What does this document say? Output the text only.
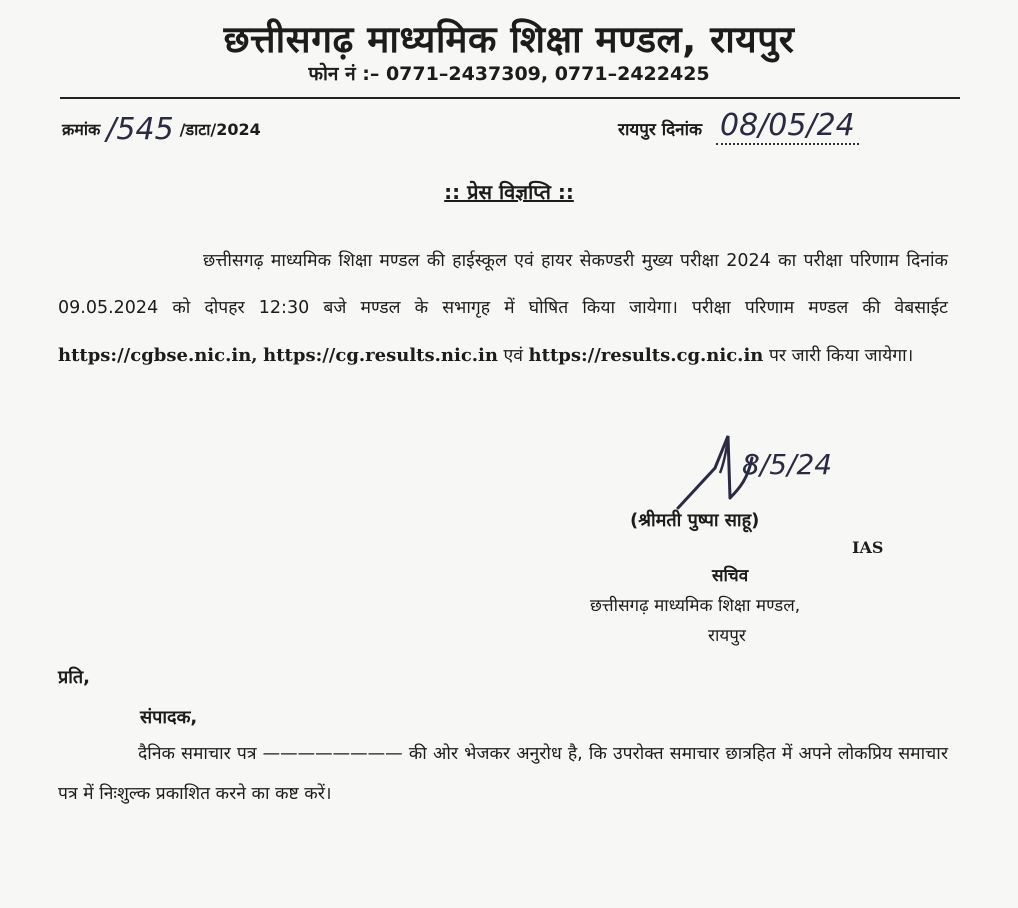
छत्तीसगढ़ माध्यमिक शिक्षा मण्डल, रायपुर
फोन नं :– 0771–2437309, 0771–2422425
क्रमांक /545 /डाटा/2024	रायपुर दिनांक 08/05/24
:: प्रेस विज्ञप्ति ::
छत्तीसगढ़ माध्यमिक शिक्षा मण्डल की हाईस्कूल एवं हायर सेकण्डरी मुख्य परीक्षा 2024 का परीक्षा परिणाम दिनांक 09.05.2024 को दोपहर 12:30 बजे मण्डल के सभागृह में घोषित किया जायेगा। परीक्षा परिणाम मण्डल की वेबसाईट https://cgbse.nic.in, https://cg.results.nic.in एवं https://results.cg.nic.in पर जारी किया जायेगा।
8/5/24
(श्रीमती पुष्पा साहू)
IAS
सचिव
छत्तीसगढ़ माध्यमिक शिक्षा मण्डल,
रायपुर
प्रति,
संपादक,
दैनिक समाचार पत्र ———————— की ओर भेजकर अनुरोध है, कि उपरोक्त समाचार छात्रहित में अपने लोकप्रिय समाचार पत्र में निःशुल्क प्रकाशित करने का कष्ट करें।
